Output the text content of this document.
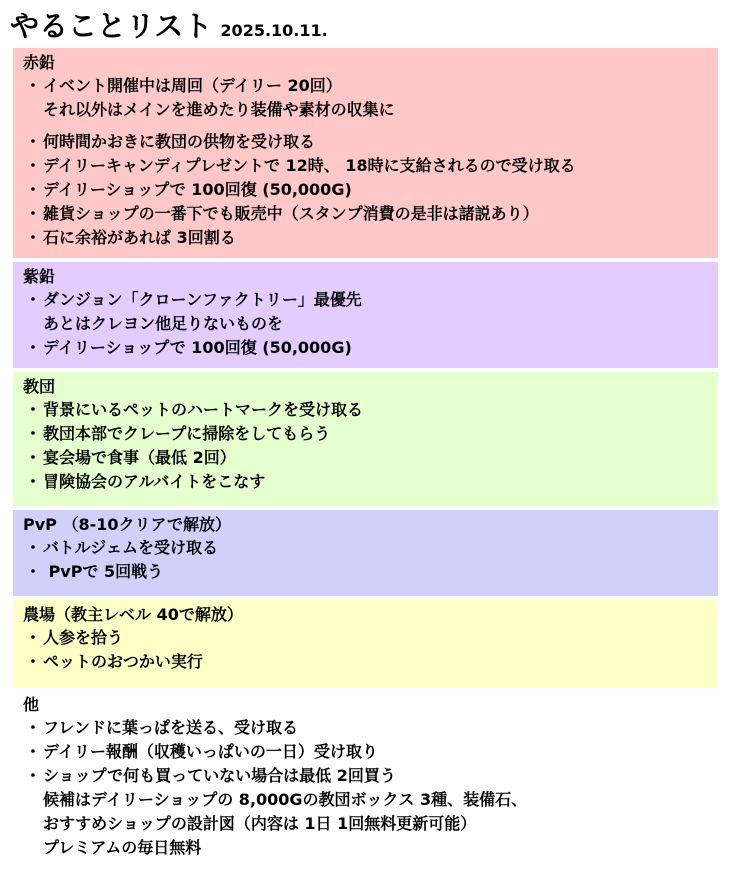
やることリスト 2025.10.11.
赤鉛
・ イベント開催中は周回（デイリー 20回）
それ以外はメインを進めたり装備や素材の収集に
・ 何時間かおきに教団の供物を受け取る
・ デイリーキャンディプレゼントで 12時、 18時に支給されるので受け取る
・ デイリーショップで 100回復 (50,000G)
・ 雑貨ショップの一番下でも販売中（スタンプ消費の是非は諸説あり）
・ 石に余裕があれば 3回割る
紫鉛
・ ダンジョン「クローンファクトリー」最優先
あとはクレヨン他足りないものを
・ デイリーショップで 100回復 (50,000G)
教団
・ 背景にいるペットのハートマークを受け取る
・ 教団本部でクレープに掃除をしてもらう
・ 宴会場で食事（最低 2回）
・ 冒険協会のアルバイトをこなす
PvP （8-10クリアで解放）
・ バトルジェムを受け取る
・ PvPで 5回戦う
農場（教主レベル 40で解放）
・ 人参を拾う
・ ペットのおつかい実行
他
・ フレンドに葉っぱを送る、受け取る
・ デイリー報酬（収穫いっぱいの一日）受け取り
・ ショップで何も買っていない場合は最低 2回買う
候補はデイリーショップの 8,000Gの教団ボックス 3種、装備石、
おすすめショップの設計図（内容は 1日 1回無料更新可能）
プレミアムの毎日無料
